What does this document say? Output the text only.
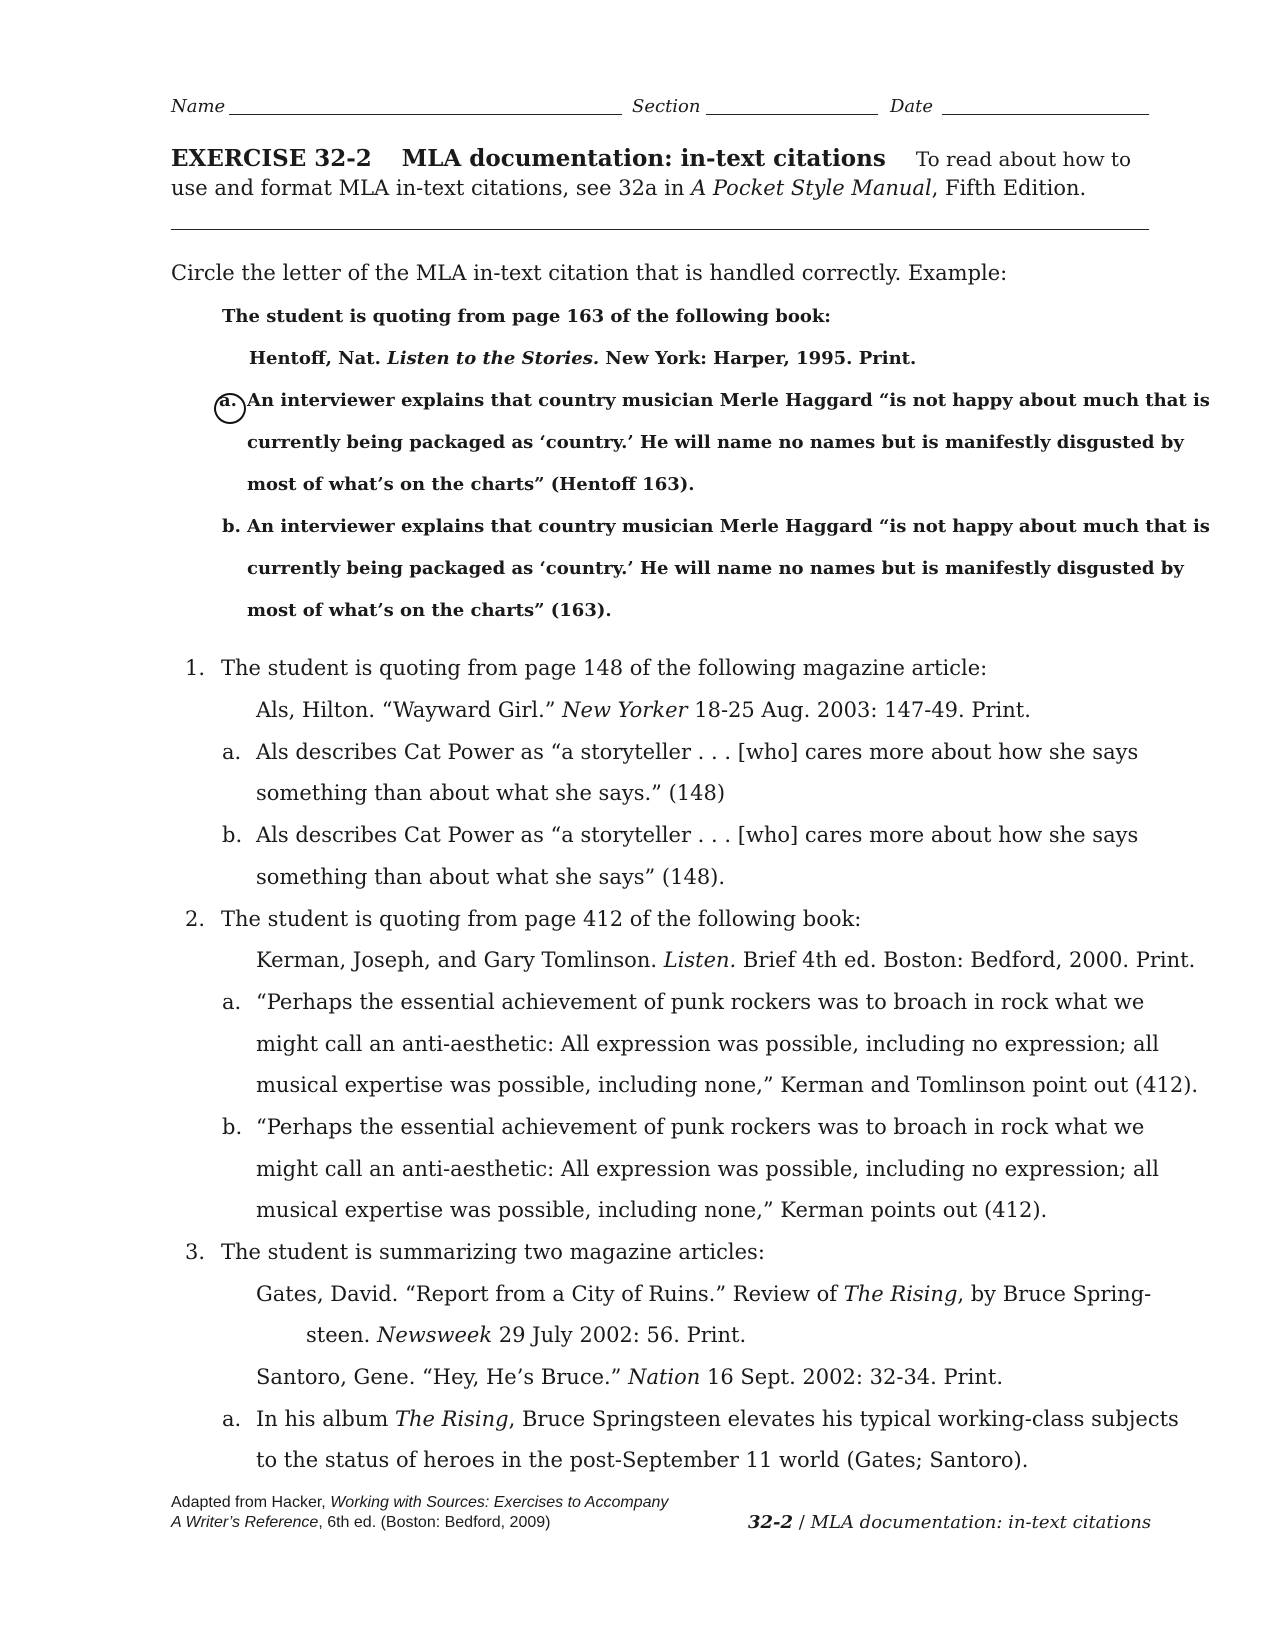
Name	Section	Date
EXERCISE 32-2 MLA documentation: in-text citations To read about how to
use and format MLA in-text citations, see 32a in A Pocket Style Manual, Fifth Edition.
Circle the letter of the MLA in-text citation that is handled correctly. Example:
The student is quoting from page 163 of the following book:
Hentoff, Nat. Listen to the Stories. New York: Harper, 1995. Print.
a. An interviewer explains that country musician Merle Haggard “is not happy about much that is
currently being packaged as ‘country.’ He will name no names but is manifestly disgusted by
most of what’s on the charts” (Hentoff 163).
b. An interviewer explains that country musician Merle Haggard “is not happy about much that is
currently being packaged as ‘country.’ He will name no names but is manifestly disgusted by
most of what’s on the charts” (163).
1. The student is quoting from page 148 of the following magazine article:
Als, Hilton. “Wayward Girl.” New Yorker 18-25 Aug. 2003: 147-49. Print.
a. Als describes Cat Power as “a storyteller . . . [who] cares more about how she says
something than about what she says.” (148)
b. Als describes Cat Power as “a storyteller . . . [who] cares more about how she says
something than about what she says” (148).
2. The student is quoting from page 412 of the following book:
Kerman, Joseph, and Gary Tomlinson. Listen. Brief 4th ed. Boston: Bedford, 2000. Print.
a. “Perhaps the essential achievement of punk rockers was to broach in rock what we
might call an anti-aesthetic: All expression was possible, including no expression; all
musical expertise was possible, including none,” Kerman and Tomlinson point out (412).
b. “Perhaps the essential achievement of punk rockers was to broach in rock what we
might call an anti-aesthetic: All expression was possible, including no expression; all
musical expertise was possible, including none,” Kerman points out (412).
3. The student is summarizing two magazine articles:
Gates, David. “Report from a City of Ruins.” Review of The Rising, by Bruce Spring-
steen. Newsweek 29 July 2002: 56. Print.
Santoro, Gene. “Hey, He’s Bruce.” Nation 16 Sept. 2002: 32-34. Print.
a. In his album The Rising, Bruce Springsteen elevates his typical working-class subjects
to the status of heroes in the post-September 11 world (Gates; Santoro).
Adapted from Hacker, Working with Sources: Exercises to Accompany
A Writer’s Reference, 6th ed. (Boston: Bedford, 2009)	32-2 / MLA documentation: in-text citations
